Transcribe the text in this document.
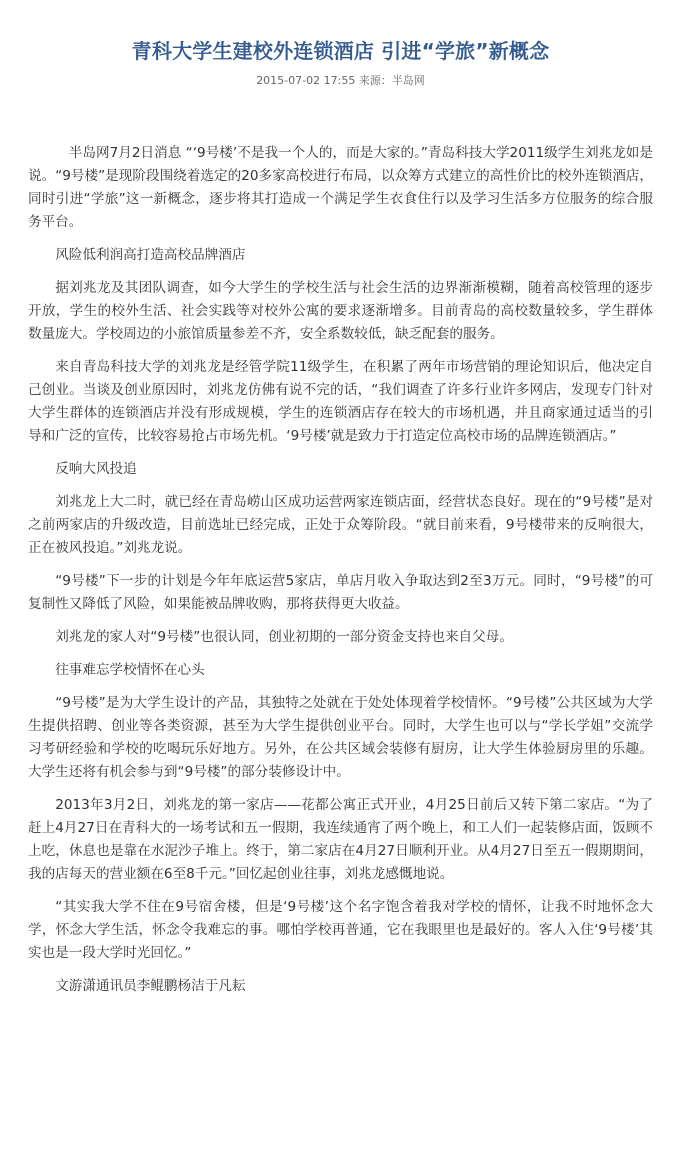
青科大学生建校外连锁酒店 引进“学旅”新概念
2015-07-02 17:55 来源：半岛网

　半岛网7月2日消息 “‘9号楼’不是我一个人的，而是大家的。”青岛科技大学2011级学生刘兆龙如是说。“9号楼”是现阶段围绕着选定的20多家高校进行布局，以众筹方式建立的高性价比的校外连锁酒店，同时引进“学旅”这一新概念，逐步将其打造成一个满足学生衣食住行以及学习生活多方位服务的综合服务平台。

风险低利润高打造高校品牌酒店

据刘兆龙及其团队调查，如今大学生的学校生活与社会生活的边界渐渐模糊，随着高校管理的逐步开放，学生的校外生活、社会实践等对校外公寓的要求逐渐增多。目前青岛的高校数量较多，学生群体数量庞大。学校周边的小旅馆质量参差不齐，安全系数较低，缺乏配套的服务。

来自青岛科技大学的刘兆龙是经管学院11级学生，在积累了两年市场营销的理论知识后，他决定自己创业。当谈及创业原因时，刘兆龙仿佛有说不完的话，“我们调查了许多行业许多网店，发现专门针对大学生群体的连锁酒店并没有形成规模，学生的连锁酒店存在较大的市场机遇，并且商家通过适当的引导和广泛的宣传，比较容易抢占市场先机。‘9号楼’就是致力于打造定位高校市场的品牌连锁酒店。”

反响大风投追

刘兆龙上大二时，就已经在青岛崂山区成功运营两家连锁店面，经营状态良好。现在的“9号楼”是对之前两家店的升级改造，目前选址已经完成，正处于众筹阶段。“就目前来看，9号楼带来的反响很大，正在被风投追。”刘兆龙说。

“9号楼”下一步的计划是今年年底运营5家店，单店月收入争取达到2至3万元。同时，“9号楼”的可复制性又降低了风险，如果能被品牌收购，那将获得更大收益。

刘兆龙的家人对“9号楼”也很认同，创业初期的一部分资金支持也来自父母。

往事难忘学校情怀在心头

“9号楼”是为大学生设计的产品，其独特之处就在于处处体现着学校情怀。“9号楼”公共区域为大学生提供招聘、创业等各类资源，甚至为大学生提供创业平台。同时，大学生也可以与“学长学姐”交流学习考研经验和学校的吃喝玩乐好地方。另外，在公共区域会装修有厨房，让大学生体验厨房里的乐趣。大学生还将有机会参与到“9号楼”的部分装修设计中。

2013年3月2日，刘兆龙的第一家店——花都公寓正式开业，4月25日前后又转下第二家店。“为了赶上4月27日在青科大的一场考试和五一假期，我连续通宵了两个晚上，和工人们一起装修店面，饭顾不上吃，休息也是靠在水泥沙子堆上。终于，第二家店在4月27日顺利开业。从4月27日至五一假期期间，我的店每天的营业额在6至8千元。”回忆起创业往事，刘兆龙感慨地说。

“其实我大学不住在9号宿舍楼，但是‘9号楼’这个名字饱含着我对学校的情怀，让我不时地怀念大学，怀念大学生活，怀念令我难忘的事。哪怕学校再普通，它在我眼里也是最好的。客人入住‘9号楼’其实也是一段大学时光回忆。”

文游潇通讯员李鲲鹏杨洁于凡耘
